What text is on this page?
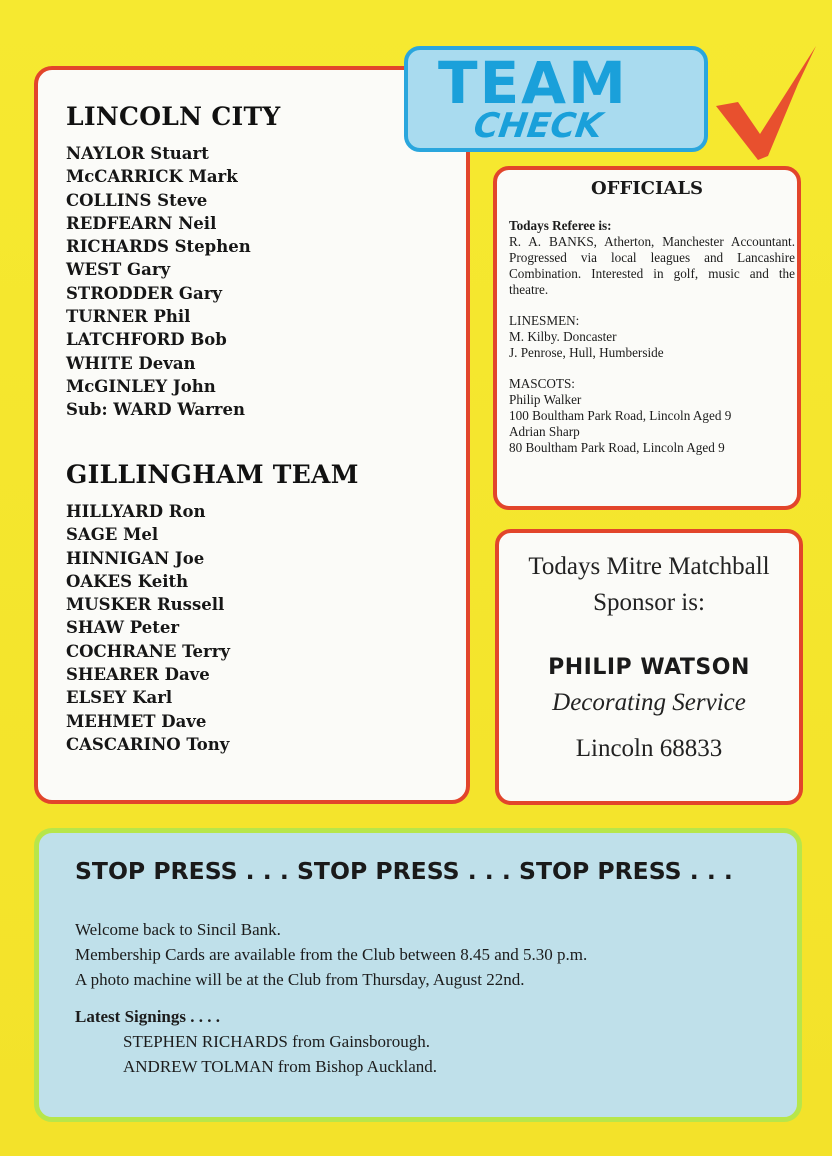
LINCOLN CITY
NAYLOR Stuart
McCARRICK Mark
COLLINS Steve
REDFEARN Neil
RICHARDS Stephen
WEST Gary
STRODDER Gary
TURNER Phil
LATCHFORD Bob
WHITE Devan
McGINLEY John
Sub: WARD Warren
GILLINGHAM TEAM
HILLYARD Ron
SAGE Mel
HINNIGAN Joe
OAKES Keith
MUSKER Russell
SHAW Peter
COCHRANE Terry
SHEARER Dave
ELSEY Karl
MEHMET Dave
CASCARINO Tony
TEAM
CHECK
OFFICIALS

Todays Referee is:

R. A. BANKS, Atherton, Manchester Accountant. Progressed via local leagues and Lancashire Combination. Interested in golf, music and the theatre.

LINESMEN:

M. Kilby. Doncaster

J. Penrose, Hull, Humberside

MASCOTS:

Philip Walker

100 Boultham Park Road, Lincoln Aged 9

Adrian Sharp

80 Boultham Park Road, Lincoln Aged 9

Todays Mitre Matchball
Sponsor is:
PHILIP WATSON
Decorating Service
Lincoln 68833
STOP PRESS . . . STOP PRESS . . . STOP PRESS . . .

Welcome back to Sincil Bank.

Membership Cards are available from the Club between 8.45 and 5.30 p.m.

A photo machine will be at the Club from Thursday, August 22nd.

Latest Signings . . . .

STEPHEN RICHARDS from Gainsborough.

ANDREW TOLMAN from Bishop Auckland.
